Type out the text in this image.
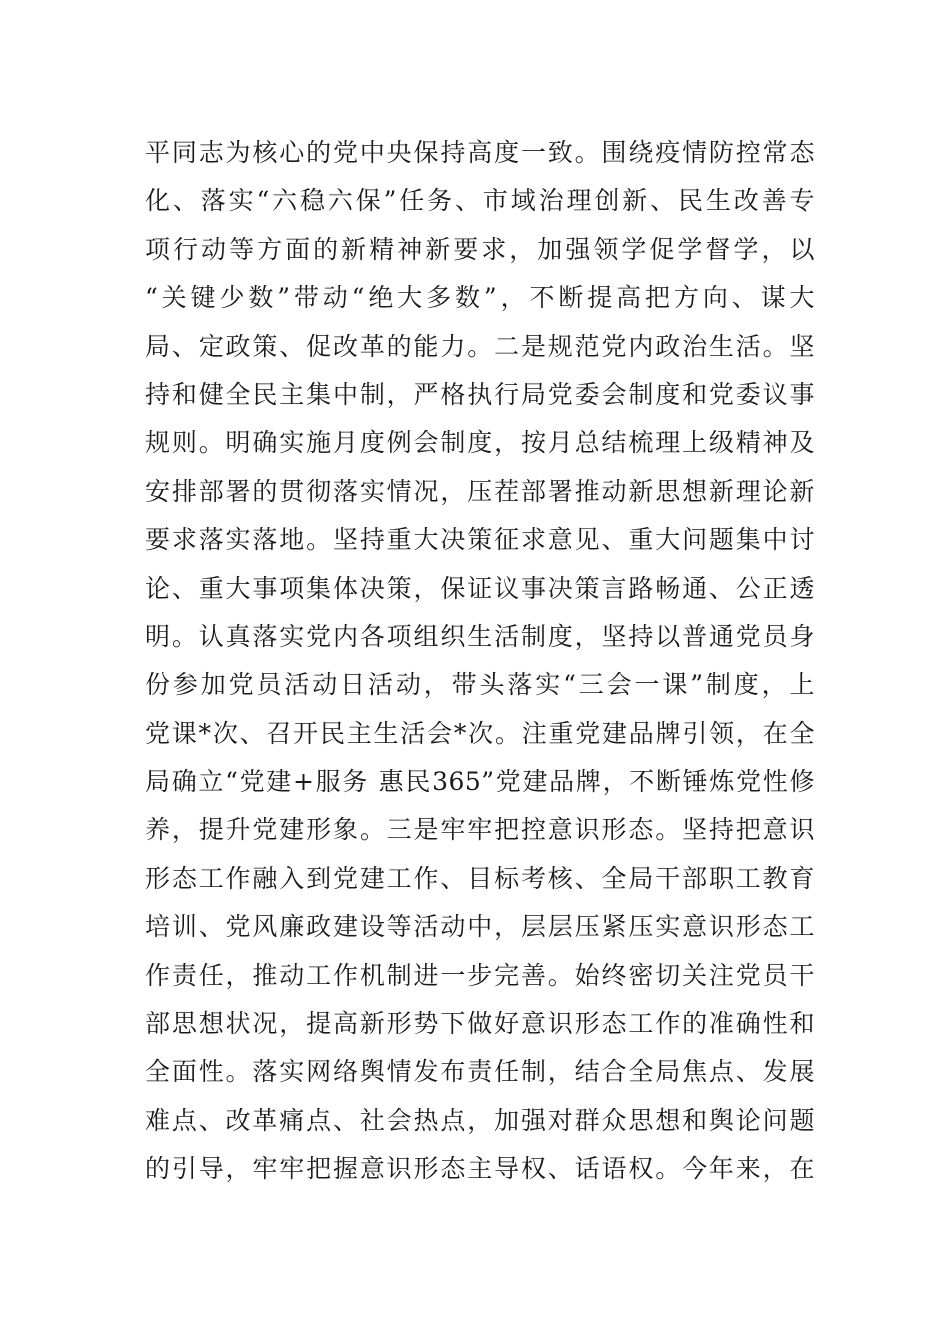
平同志为核心的党中央保持高度一致。围绕疫情防控常态
化、落实“六稳六保”任务、市域治理创新、民生改善专
项行动等方面的新精神新要求，加强领学促学督学，以
“关键少数”带动“绝大多数”，不断提高把方向、谋大
局、定政策、促改革的能力。二是规范党内政治生活。坚
持和健全民主集中制，严格执行局党委会制度和党委议事
规则。明确实施月度例会制度，按月总结梳理上级精神及
安排部署的贯彻落实情况，压茬部署推动新思想新理论新
要求落实落地。坚持重大决策征求意见、重大问题集中讨
论、重大事项集体决策，保证议事决策言路畅通、公正透
明。认真落实党内各项组织生活制度，坚持以普通党员身
份参加党员活动日活动，带头落实“三会一课”制度，上
党课*次、召开民主生活会*次。注重党建品牌引领，在全
局确立“党建+服务 惠民365”党建品牌，不断锤炼党性修
养，提升党建形象。三是牢牢把控意识形态。坚持把意识
形态工作融入到党建工作、目标考核、全局干部职工教育
培训、党风廉政建设等活动中，层层压紧压实意识形态工
作责任，推动工作机制进一步完善。始终密切关注党员干
部思想状况，提高新形势下做好意识形态工作的准确性和
全面性。落实网络舆情发布责任制，结合全局焦点、发展
难点、改革痛点、社会热点，加强对群众思想和舆论问题
的引导，牢牢把握意识形态主导权、话语权。今年来，在
